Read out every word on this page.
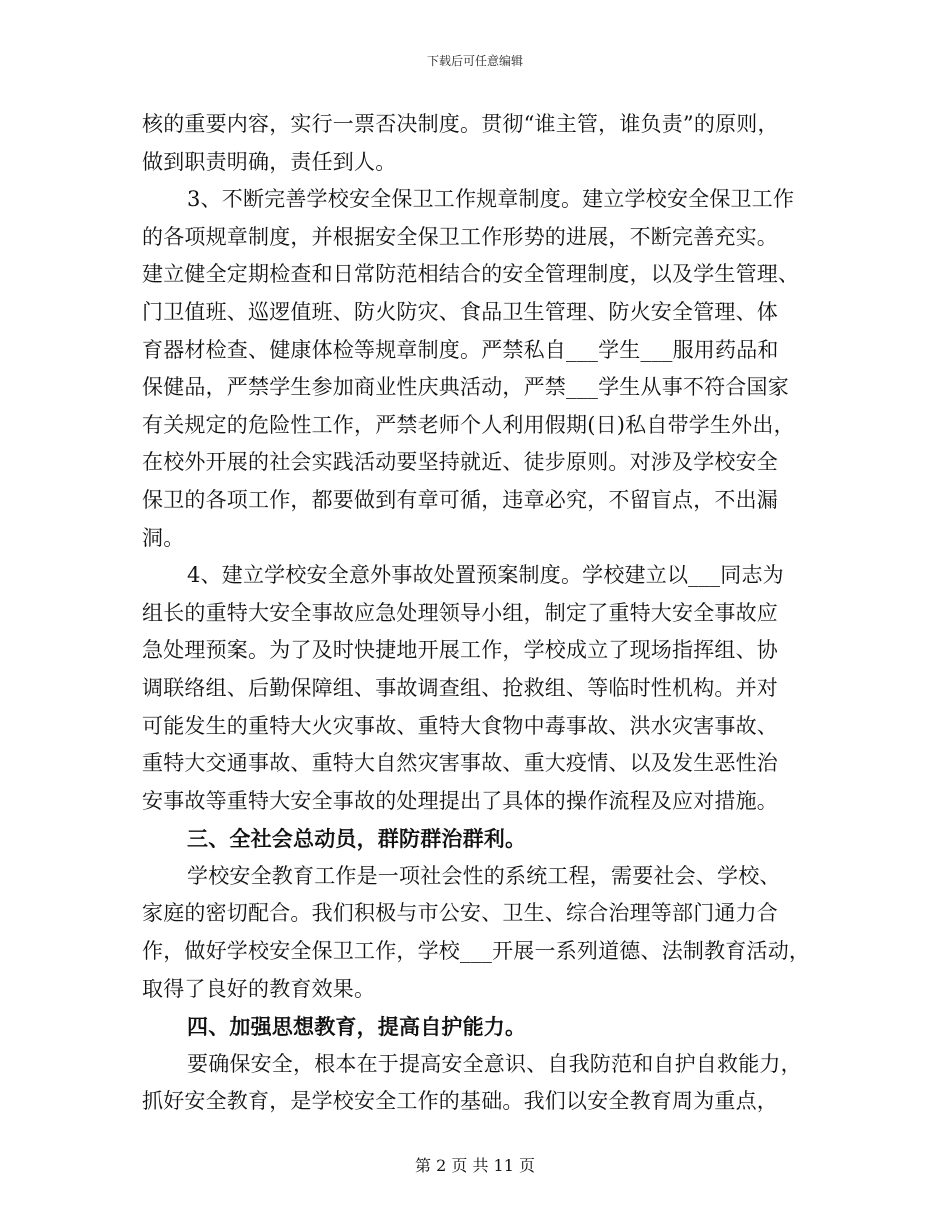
下载后可任意编辑
核的重要内容，实行一票否决制度。贯彻“谁主管，谁负责”的原则，
做到职责明确，责任到人。
3、不断完善学校安全保卫工作规章制度。建立学校安全保卫工作
的各项规章制度，并根据安全保卫工作形势的进展，不断完善充实。
建立健全定期检查和日常防范相结合的安全管理制度，以及学生管理、
门卫值班、巡逻值班、防火防灾、食品卫生管理、防火安全管理、体
育器材检查、健康体检等规章制度。严禁私自___学生___服用药品和
保健品，严禁学生参加商业性庆典活动，严禁___学生从事不符合国家
有关规定的危险性工作，严禁老师个人利用假期(日)私自带学生外出，
在校外开展的社会实践活动要坚持就近、徒步原则。对涉及学校安全
保卫的各项工作，都要做到有章可循，违章必究，不留盲点，不出漏
洞。
4、建立学校安全意外事故处置预案制度。学校建立以___同志为
组长的重特大安全事故应急处理领导小组，制定了重特大安全事故应
急处理预案。为了及时快捷地开展工作，学校成立了现场指挥组、协
调联络组、后勤保障组、事故调查组、抢救组、等临时性机构。并对
可能发生的重特大火灾事故、重特大食物中毒事故、洪水灾害事故、
重特大交通事故、重特大自然灾害事故、重大疫情、以及发生恶性治
安事故等重特大安全事故的处理提出了具体的操作流程及应对措施。
三、全社会总动员，群防群治群利。
学校安全教育工作是一项社会性的系统工程，需要社会、学校、
家庭的密切配合。我们积极与市公安、卫生、综合治理等部门通力合
作，做好学校安全保卫工作，学校___开展一系列道德、法制教育活动，
取得了良好的教育效果。
四、加强思想教育，提高自护能力。
要确保安全，根本在于提高安全意识、自我防范和自护自救能力，
抓好安全教育，是学校安全工作的基础。我们以安全教育周为重点，
第 2 页 共 11 页
